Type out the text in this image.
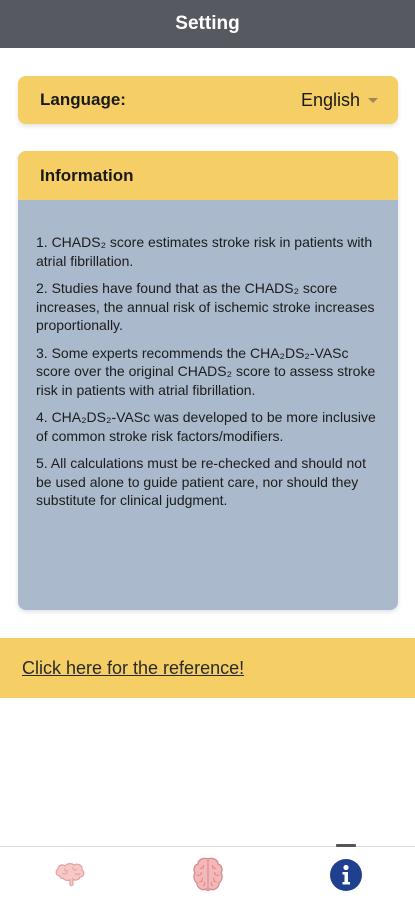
Setting
Language:	English
Information

1. CHADS₂ score estimates stroke risk in patients with atrial fibrillation.

2. Studies have found that as the CHADS₂ score increases, the annual risk of ischemic stroke increases proportionally.

3. Some experts recommends the CHA₂DS₂-VASc score over the original CHADS₂ score to assess stroke risk in patients with atrial fibrillation.

4. CHA₂DS₂-VASc was developed to be more inclusive of common stroke risk factors/modifiers.

5. All calculations must be re-checked and should not be used alone to guide patient care, nor should they substitute for clinical judgment.

Click here for the reference!
